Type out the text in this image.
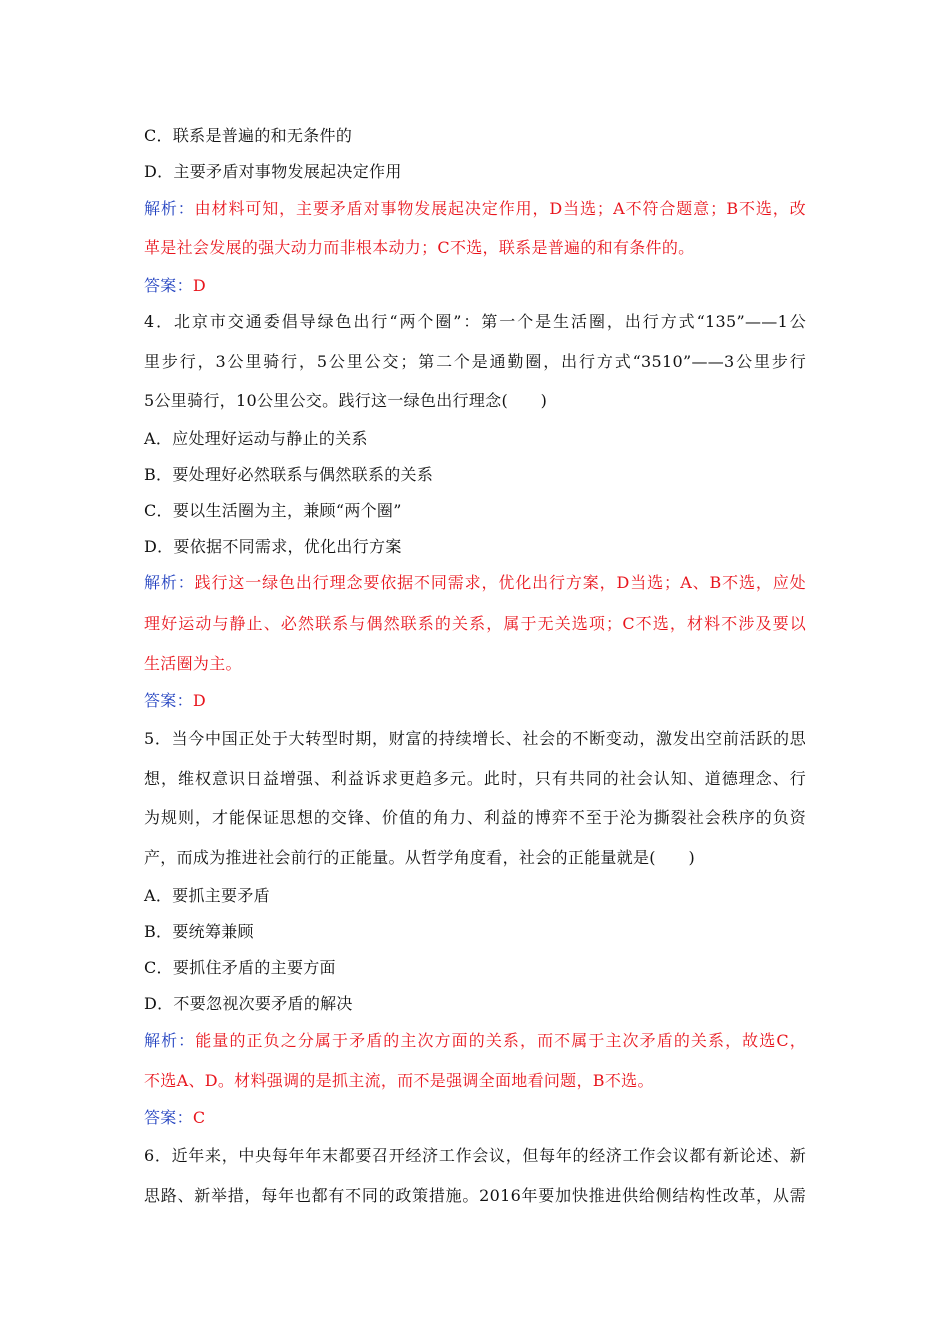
C．联系是普遍的和无条件的
D．主要矛盾对事物发展起决定作用
解析：由材料可知，主要矛盾对事物发展起决定作用，D当选；A不符合题意；B不选，改
革是社会发展的强大动力而非根本动力；C不选，联系是普遍的和有条件的。
答案：D
4．北京市交通委倡导绿色出行“两个圈”：第一个是生活圈，出行方式“135”——1公
里步行，3公里骑行，5公里公交；第二个是通勤圈，出行方式“3510”——3公里步行
5公里骑行，10公里公交。践行这一绿色出行理念(　　)
A．应处理好运动与静止的关系
B．要处理好必然联系与偶然联系的关系
C．要以生活圈为主，兼顾“两个圈”
D．要依据不同需求，优化出行方案
解析：践行这一绿色出行理念要依据不同需求，优化出行方案，D当选；A、B不选，应处
理好运动与静止、必然联系与偶然联系的关系，属于无关选项；C不选，材料不涉及要以
生活圈为主。
答案：D
5．当今中国正处于大转型时期，财富的持续增长、社会的不断变动，激发出空前活跃的思
想，维权意识日益增强、利益诉求更趋多元。此时，只有共同的社会认知、道德理念、行
为规则，才能保证思想的交锋、价值的角力、利益的博弈不至于沦为撕裂社会秩序的负资
产，而成为推进社会前行的正能量。从哲学角度看，社会的正能量就是(　　)
A．要抓主要矛盾
B．要统筹兼顾
C．要抓住矛盾的主要方面
D．不要忽视次要矛盾的解决
解析：能量的正负之分属于矛盾的主次方面的关系，而不属于主次矛盾的关系，故选C，
不选A、D。材料强调的是抓主流，而不是强调全面地看问题，B不选。
答案：C
6．近年来，中央每年年末都要召开经济工作会议，但每年的经济工作会议都有新论述、新
思路、新举措，每年也都有不同的政策措施。2016年要加快推进供给侧结构性改革，从需
